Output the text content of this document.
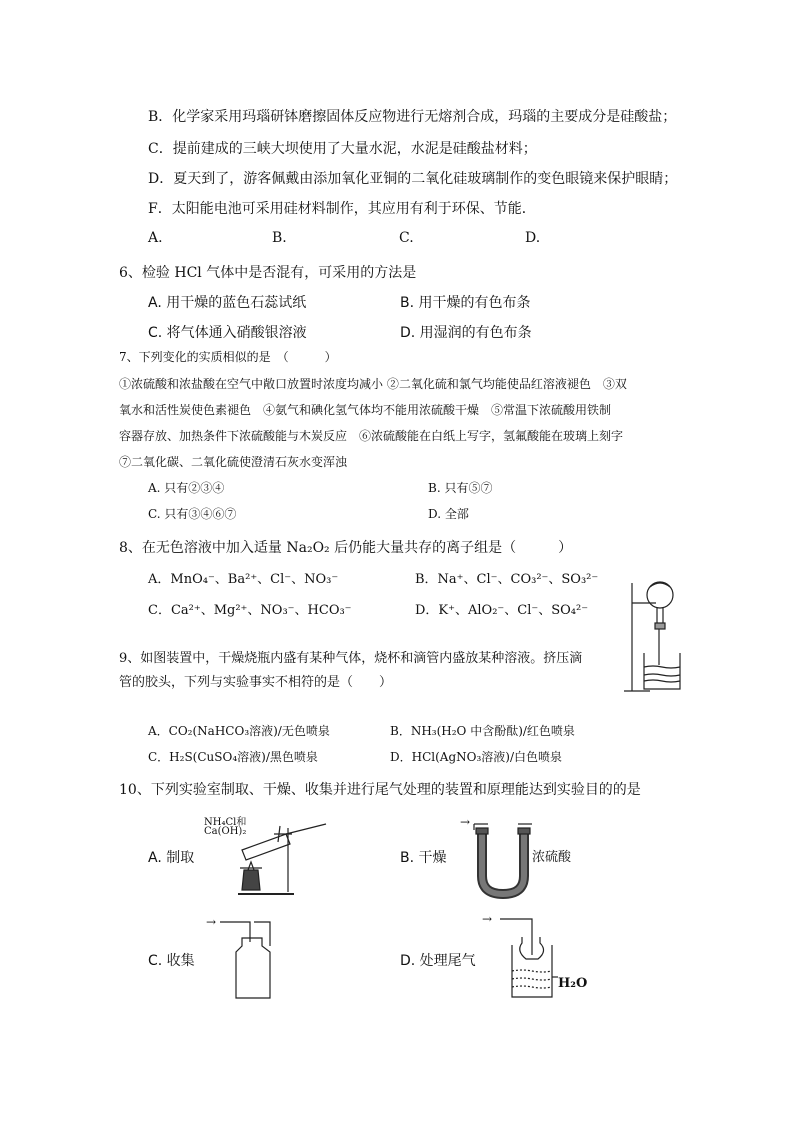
B．化学家采用玛瑙研钵磨擦固体反应物进行无熔剂合成，玛瑙的主要成分是硅酸盐；
C．提前建成的三峡大坝使用了大量水泥，水泥是硅酸盐材料；
D．夏天到了，游客佩戴由添加氧化亚铜的二氧化硅玻璃制作的变色眼镜来保护眼睛；
F．太阳能电池可采用硅材料制作，其应用有利于环保、节能．
A.	B.	C.	D.
6、检验 HCl 气体中是否混有，可采用的方法是
A. 用干燥的蓝色石蕊试纸	B. 用干燥的有色布条
C. 将气体通入硝酸银溶液	D. 用湿润的有色布条
7、下列变化的实质相似的是　（　　　）
①浓硫酸和浓盐酸在空气中敞口放置时浓度均减小 ②二氧化硫和氯气均能使品红溶液褪色　③双
氧水和活性炭使色素褪色　④氨气和碘化氢气体均不能用浓硫酸干燥　⑤常温下浓硫酸用铁制
容器存放、加热条件下浓硫酸能与木炭反应　⑥浓硫酸能在白纸上写字，氢氟酸能在玻璃上刻字
⑦二氧化碳、二氧化硫使澄清石灰水变浑浊
A. 只有②③④	B. 只有⑤⑦
C. 只有③④⑥⑦	D. 全部
8、在无色溶液中加入适量 Na₂O₂ 后仍能大量共存的离子组是（　　　）
A．MnO₄⁻、Ba²⁺、Cl⁻、NO₃⁻	B．Na⁺、Cl⁻、CO₃²⁻、SO₃²⁻
C．Ca²⁺、Mg²⁺、NO₃⁻、HCO₃⁻	D．K⁺、AlO₂⁻、Cl⁻、SO₄²⁻
9、如图装置中，干燥烧瓶内盛有某种气体，烧杯和滴管内盛放某种溶液。挤压滴
管的胶头，下列与实验事实不相符的是（　　）
A．CO₂(NaHCO₃溶液)/无色喷泉	B．NH₃(H₂O 中含酚酞)/红色喷泉
C．H₂S(CuSO₄溶液)/黑色喷泉	D．HCl(AgNO₃溶液)/白色喷泉
10、下列实验室制取、干燥、收集并进行尾气处理的装置和原理能达到实验目的的是
A. 制取	B. 干燥
C. 收集	D. 处理尾气
NH₄Cl和
Ca(OH)₂
→
浓硫酸
→	→
H₂O
